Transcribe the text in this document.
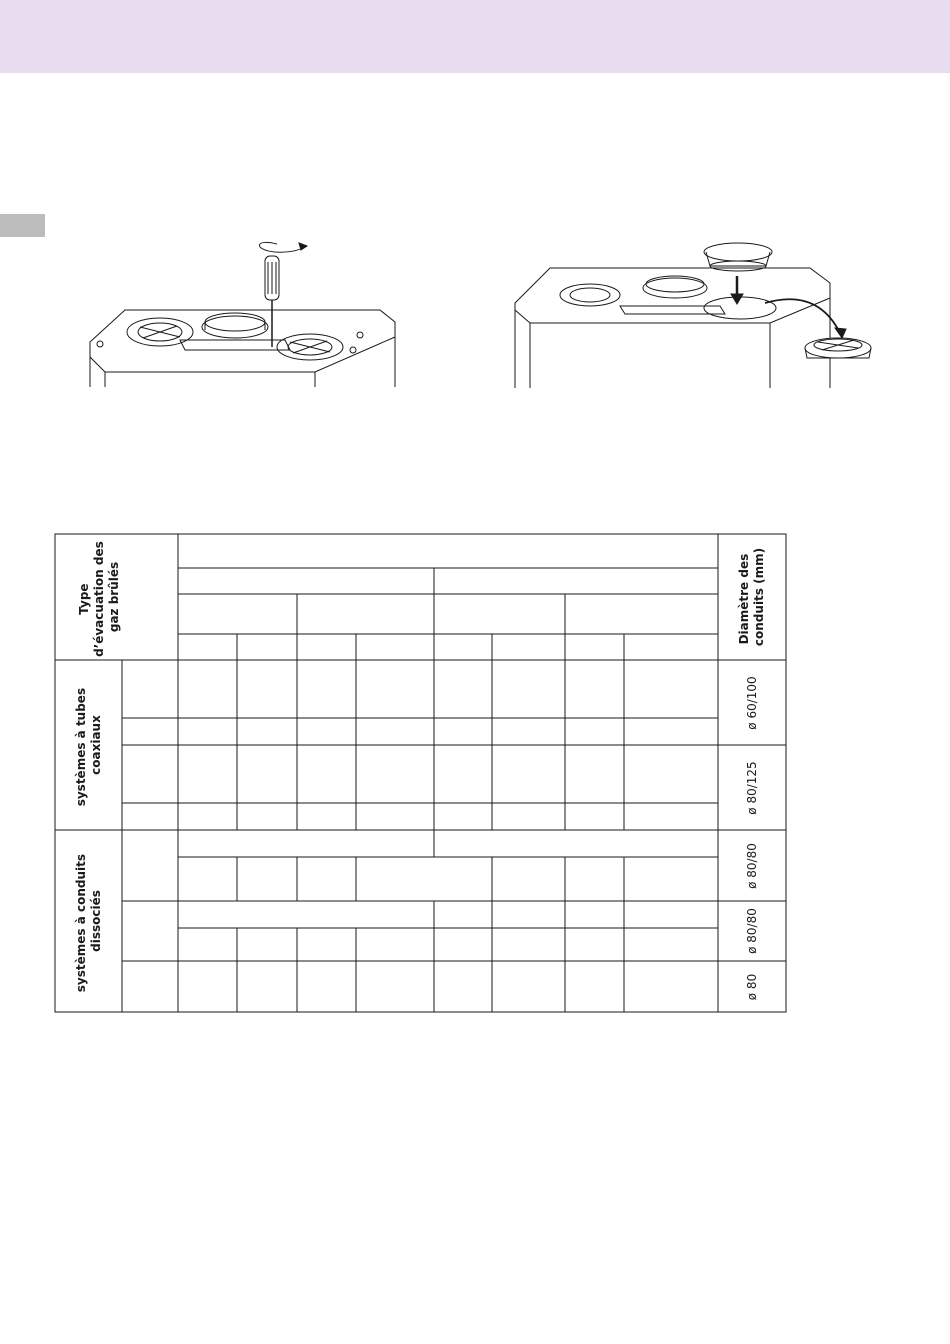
Type d’évacuation des gaz brûlés	Diamètre des conduits (mm)
systèmes à tubes coaxiaux
systèmes à conduits dissociés
ø 60/100
ø 80/125
ø 80/80
ø 80/80
ø 80
